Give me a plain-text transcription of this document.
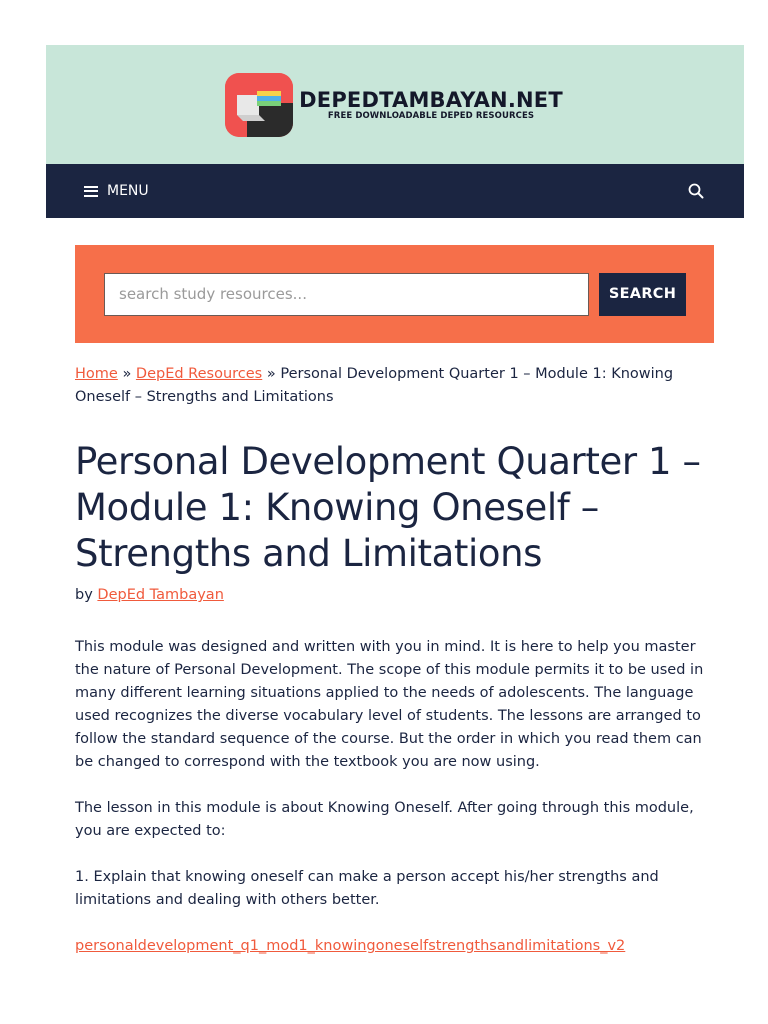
DEPEDTAMBAYAN.NET
FREE DOWNLOADABLE DEPED RESOURCES
MENU
search study resources...
SEARCH
Home » DepEd Resources » Personal Development Quarter 1 – Module 1: Knowing Oneself – Strengths and Limitations
Personal Development Quarter 1 – Module 1: Knowing Oneself – Strengths and Limitations
by DepEd Tambayan

This module was designed and written with you in mind. It is here to help you master the nature of Personal Development. The scope of this module permits it to be used in many different learning situations applied to the needs of adolescents. The language used recognizes the diverse vocabulary level of students. The lessons are arranged to follow the standard sequence of the course. But the order in which you read them can be changed to correspond with the textbook you are now using.

The lesson in this module is about Knowing Oneself. After going through this module, you are expected to:

1. Explain that knowing oneself can make a person accept his/her strengths and limitations and dealing with others better.

personaldevelopment_q1_mod1_knowingoneselfstrengthsandlimitations_v2
